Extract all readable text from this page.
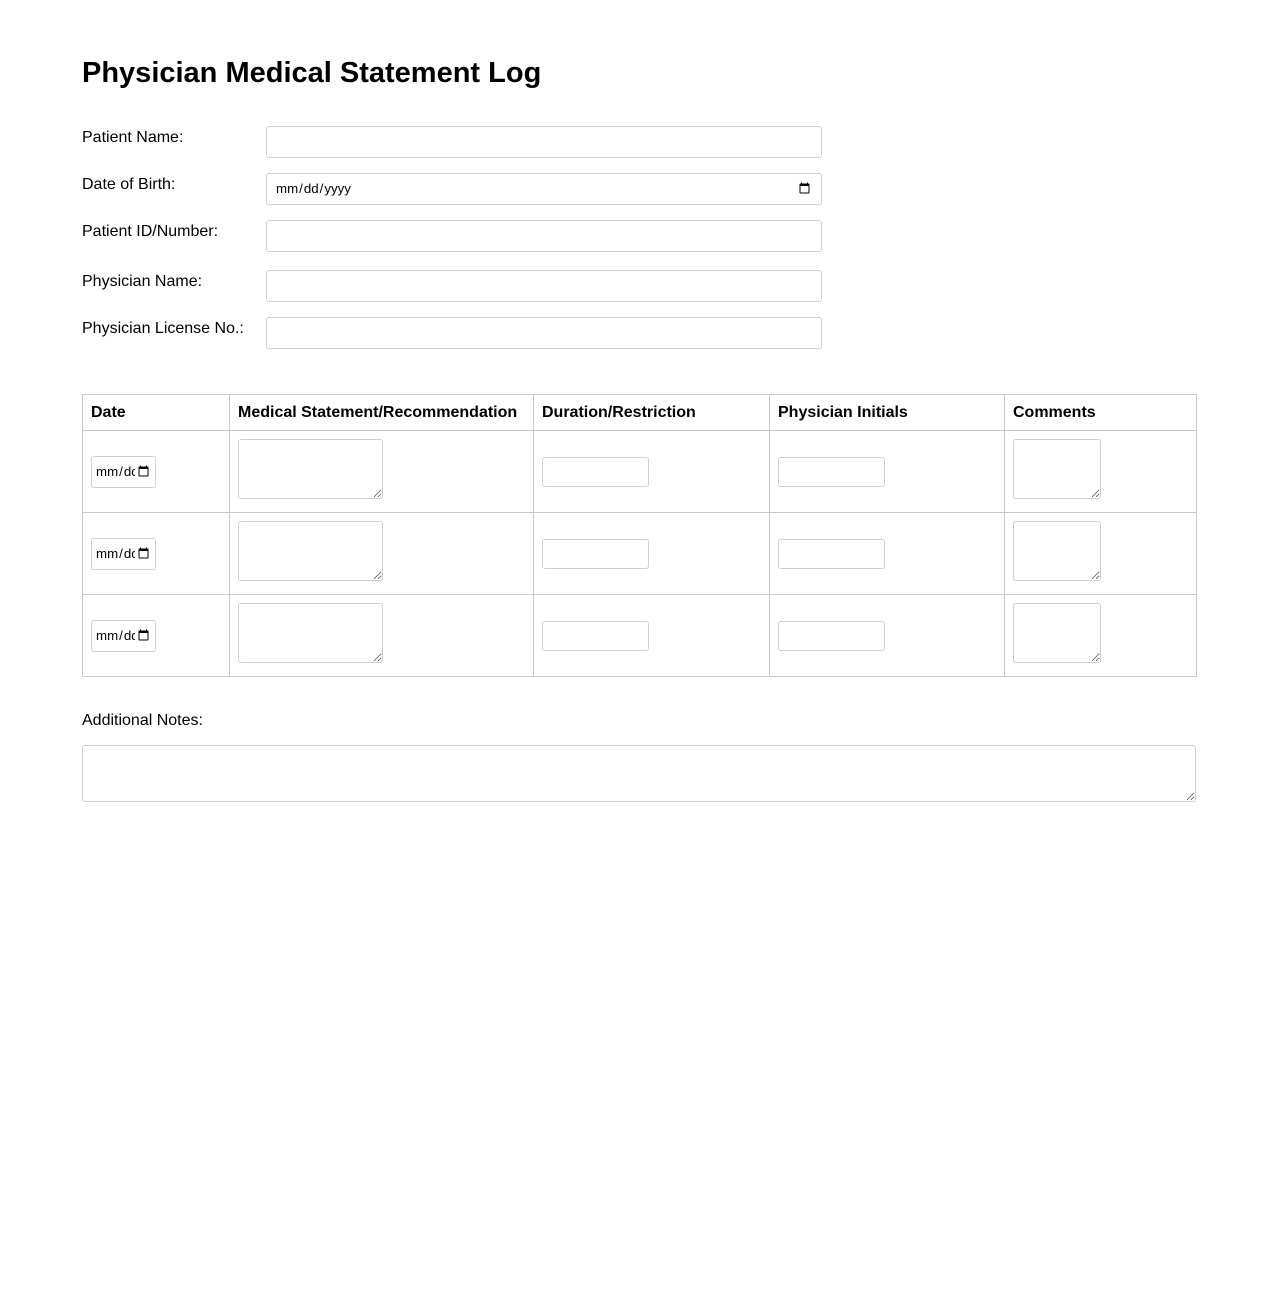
Physician Medical Statement Log
Patient Name:
Date of Birth:
mm/dd/yyyy
Patient ID/Number:
Physician Name:
Physician License No.:
Date	Medical Statement/Recommendation	Duration/Restriction	Physician Initials	Comments
mm/dd/yyyy				
mm/dd/yyyy				
mm/dd/yyyy				
Additional Notes:
